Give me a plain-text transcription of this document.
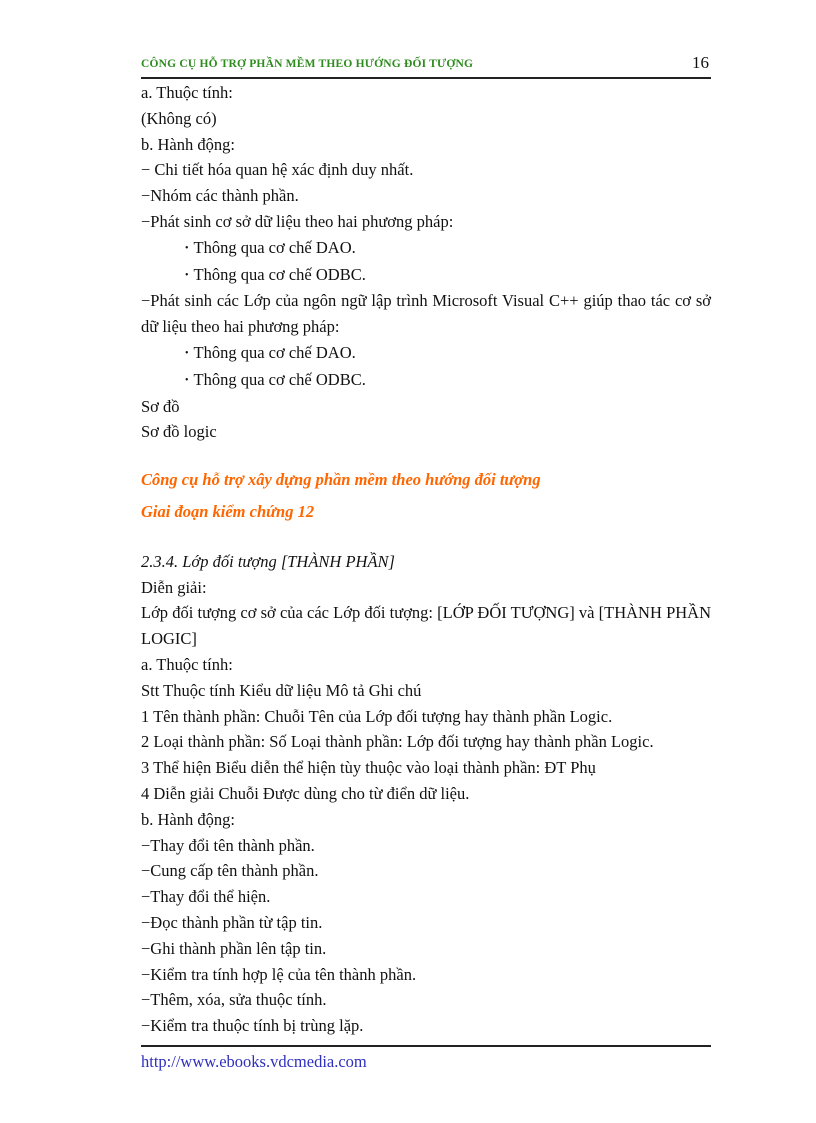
CÔNG CỤ HỖ TRỢ PHẦN MỀM THEO HƯỚNG ĐỐI TƯỢNG	16
a. Thuộc tính:
(Không có)
b. Hành động:
− Chi tiết hóa quan hệ xác định duy nhất.
−Nhóm các thành phần.
−Phát sinh cơ sở dữ liệu theo hai phương pháp:
• Thông qua cơ chế DAO.
• Thông qua cơ chế ODBC.
−Phát sinh các Lớp của ngôn ngữ lập trình Microsoft Visual C++ giúp thao tác cơ sở dữ liệu theo hai phương pháp:
• Thông qua cơ chế DAO.
• Thông qua cơ chế ODBC.
Sơ đồ
Sơ đồ logic
Công cụ hỗ trợ xây dựng phần mềm theo hướng đối tượng
Giai đoạn kiểm chứng 12
2.3.4. Lớp đối tượng [THÀNH PHẦN]
Diễn giải:
Lớp đối tượng cơ sở của các Lớp đối tượng: [LỚP ĐỐI TƯỢNG] và [THÀNH PHẦN LOGIC]
a. Thuộc tính:
Stt Thuộc tính Kiểu dữ liệu Mô tả Ghi chú
1 Tên thành phần: Chuỗi Tên của Lớp đối tượng hay thành phần Logic.
2 Loại thành phần: Số Loại thành phần: Lớp đối tượng hay thành phần Logic.
3 Thể hiện Biểu diễn thể hiện tùy thuộc vào loại thành phần: ĐT Phụ
4 Diễn giải Chuỗi Được dùng cho từ điển dữ liệu.
b. Hành động:
−Thay đổi tên thành phần.
−Cung cấp tên thành phần.
−Thay đổi thể hiện.
−Đọc thành phần từ tập tin.
−Ghi thành phần lên tập tin.
−Kiểm tra tính hợp lệ của tên thành phần.
−Thêm, xóa, sửa thuộc tính.
−Kiểm tra thuộc tính bị trùng lặp.
http://www.ebooks.vdcmedia.com
